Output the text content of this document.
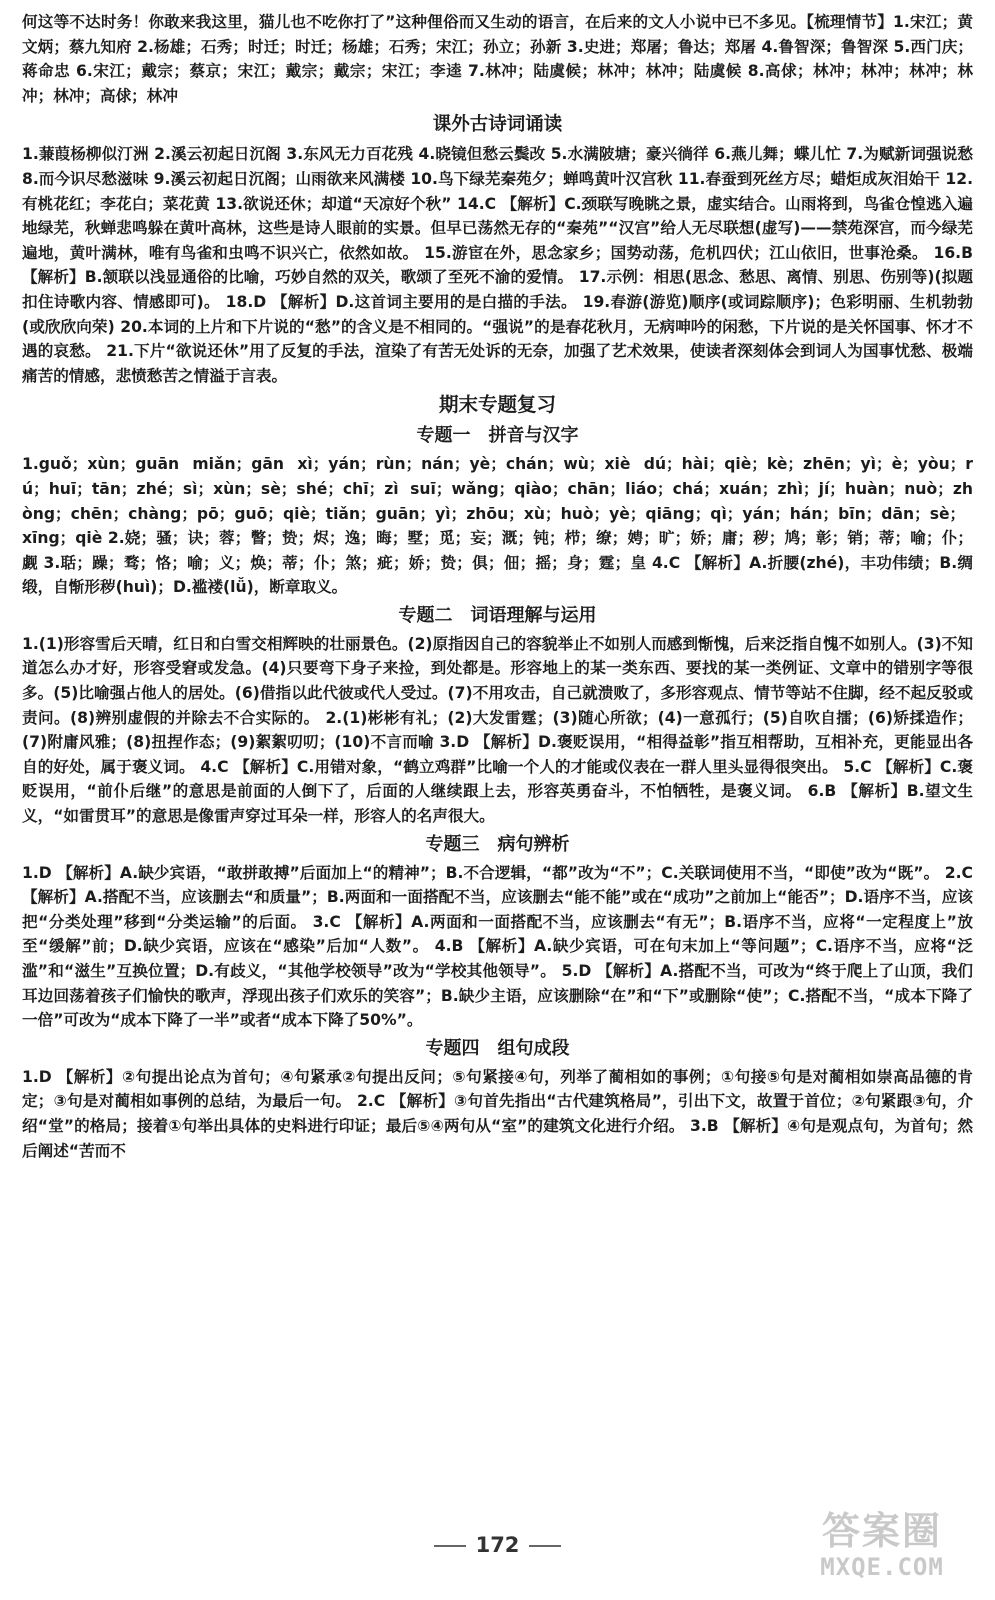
何这等不达时务！你敢来我这里，猫儿也不吃你打了”这种俚俗而又生动的语言，在后来的文人小说中已不多见。【梳理情节】1.宋江；黄文炳；蔡九知府 2.杨雄；石秀；时迁；时迁；杨雄；石秀；宋江；孙立；孙新 3.史进；郑屠；鲁达；郑屠 4.鲁智深；鲁智深 5.西门庆；蒋命忠 6.宋江；戴宗；蔡京；宋江；戴宗；戴宗；宋江；李逵 7.林冲；陆虞候；林冲；林冲；陆虞候 8.高俅；林冲；林冲；林冲；林冲；林冲；高俅；林冲

课外古诗词诵读

1.蒹葭杨柳似汀洲 2.溪云初起日沉阁 3.东风无力百花残 4.晓镜但愁云鬓改 5.水满陂塘；豪兴徜徉 6.燕儿舞；蝶儿忙 7.为赋新词强说愁 8.而今识尽愁滋味 9.溪云初起日沉阁；山雨欲来风满楼 10.鸟下绿芜秦苑夕；蝉鸣黄叶汉宫秋 11.春蚕到死丝方尽；蜡炬成灰泪始干 12.有桃花红；李花白；菜花黄 13.欲说还休；却道“天凉好个秋” 14.C 【解析】C.颈联写晚眺之景，虚实结合。山雨将到，鸟雀仓惶逃入遍地绿芜，秋蝉悲鸣躲在黄叶高林，这些是诗人眼前的实景。但早已荡然无存的“秦苑”“汉宫”给人无尽联想(虚写)——禁苑深宫，而今绿芜遍地，黄叶满林，唯有鸟雀和虫鸣不识兴亡，依然如故。 15.游宦在外，思念家乡；国势动荡，危机四伏；江山依旧，世事沧桑。 16.B 【解析】B.颔联以浅显通俗的比喻，巧妙自然的双关，歌颂了至死不渝的爱情。 17.示例：相思(思念、愁思、离情、别思、伤别等)(拟题扣住诗歌内容、情感即可)。 18.D 【解析】D.这首词主要用的是白描的手法。 19.春游(游览)顺序(或词踪顺序)；色彩明丽、生机勃勃(或欣欣向荣) 20.本词的上片和下片说的“愁”的含义是不相同的。“强说”的是春花秋月，无病呻吟的闲愁，下片说的是关怀国事、怀才不遇的哀愁。 21.下片“欲说还休”用了反复的手法，渲染了有苦无处诉的无奈，加强了艺术效果，使读者深刻体会到词人为国事忧愁、极端痛苦的情感，悲愤愁苦之情溢于言表。

期末专题复习
专题一　拼音与汉字

1.guǒ；xùn；guān miǎn；gān xì；yán；rùn；nán；yè；chán；wù；xiè dú；hài；qiè；kè；zhēn；yì；è；yòu；rú；huī；tān；zhé；sì；xùn；sè；shé；chī；zì suī；wǎng；qiào；chān；liáo；chá；xuán；zhì；jí；huàn；nuò；zhòng；chēn；chàng；pō；guō；qiè；tiǎn；guān；yì；zhōu；xù；huò；yè；qiāng；qì；yán；hán；bīn；dān；sè；xīng；qiè 2.娆；骚；诀；蓉；瞥；贽；烬；逸；晦；墅；觅；妄；溉；钝；栉；缭；娉；旷；娇；庸；秽；鸠；彰；销；蒂；喻；仆；觑 3.聒；躁；骛；恪；喻；义；焕；蒂；仆；煞；疵；娇；贽；俱；佃；摇；身；霆；皇 4.C 【解析】A.折腰(zhé)，丰功伟绩；B.绸缎，自惭形秽(huì)；D.褴褛(lǚ)，断章取义。

专题二　词语理解与运用

1.(1)形容雪后天晴，红日和白雪交相辉映的壮丽景色。(2)原指因自己的容貌举止不如别人而感到惭愧，后来泛指自愧不如别人。(3)不知道怎么办才好，形容受窘或发急。(4)只要弯下身子来捡，到处都是。形容地上的某一类东西、要找的某一类例证、文章中的错别字等很多。(5)比喻强占他人的居处。(6)借指以此代彼或代人受过。(7)不用攻击，自己就溃败了，多形容观点、情节等站不住脚，经不起反驳或责问。(8)辨别虚假的并除去不合实际的。 2.(1)彬彬有礼；(2)大发雷霆；(3)随心所欲；(4)一意孤行；(5)自吹自擂；(6)矫揉造作；(7)附庸风雅；(8)扭捏作态；(9)絮絮叨叨；(10)不言而喻 3.D 【解析】D.褒贬误用，“相得益彰”指互相帮助，互相补充，更能显出各自的好处，属于褒义词。 4.C 【解析】C.用错对象，“鹤立鸡群”比喻一个人的才能或仪表在一群人里头显得很突出。 5.C 【解析】C.褒贬误用，“前仆后继”的意思是前面的人倒下了，后面的人继续跟上去，形容英勇奋斗，不怕牺牲，是褒义词。 6.B 【解析】B.望文生义，“如雷贯耳”的意思是像雷声穿过耳朵一样，形容人的名声很大。

专题三　病句辨析

1.D 【解析】A.缺少宾语，“敢拼敢搏”后面加上“的精神”；B.不合逻辑，“都”改为“不”；C.关联词使用不当，“即使”改为“既”。 2.C 【解析】A.搭配不当，应该删去“和质量”；B.两面和一面搭配不当，应该删去“能不能”或在“成功”之前加上“能否”；D.语序不当，应该把“分类处理”移到“分类运输”的后面。 3.C 【解析】A.两面和一面搭配不当，应该删去“有无”；B.语序不当，应将“一定程度上”放至“缓解”前；D.缺少宾语，应该在“感染”后加“人数”。 4.B 【解析】A.缺少宾语，可在句末加上“等问题”；C.语序不当，应将“泛滥”和“滋生”互换位置；D.有歧义，“其他学校领导”改为“学校其他领导”。 5.D 【解析】A.搭配不当，可改为“终于爬上了山顶，我们耳边回荡着孩子们愉快的歌声，浮现出孩子们欢乐的笑容”；B.缺少主语，应该删除“在”和“下”或删除“使”；C.搭配不当，“成本下降了一倍”可改为“成本下降了一半”或者“成本下降了50%”。

专题四　组句成段

1.D 【解析】②句提出论点为首句；④句紧承②句提出反问；⑤句紧接④句，列举了蔺相如的事例；①句接⑤句是对蔺相如崇高品德的肯定；③句是对蔺相如事例的总结，为最后一句。 2.C 【解析】③句首先指出“古代建筑格局”，引出下文，故置于首位；②句紧跟③句，介绍“堂”的格局；接着①句举出具体的史料进行印证；最后⑤④两句从“室”的建筑文化进行介绍。 3.B 【解析】④句是观点句，为首句；然后阐述“苦而不

172	答案圈
MXQE.COM
